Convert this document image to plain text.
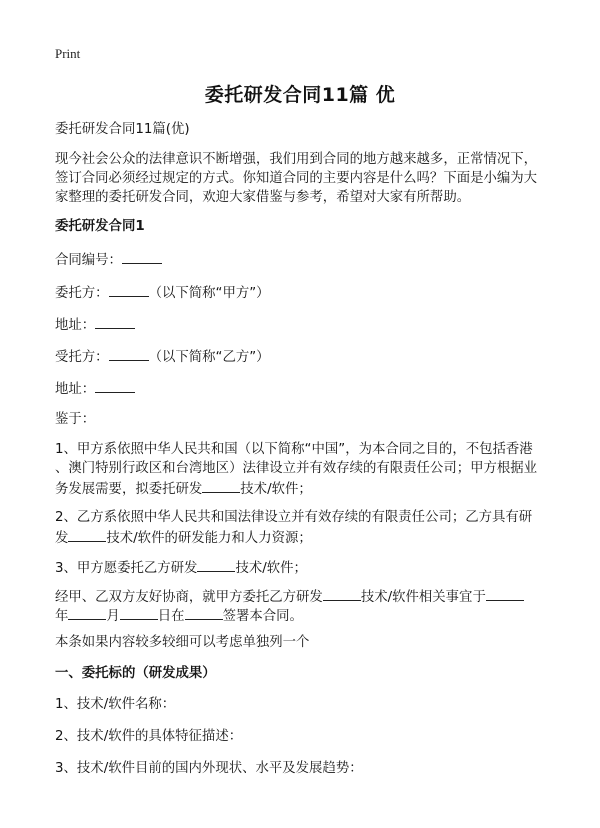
Print
委托研发合同11篇 优
委托研发合同11篇(优)
现今社会公众的法律意识不断增强，我们用到合同的地方越来越多，正常情况下，
签订合同必须经过规定的方式。你知道合同的主要内容是什么吗？下面是小编为大
家整理的委托研发合同，欢迎大家借鉴与参考，希望对大家有所帮助。
委托研发合同1
合同编号：
委托方：	（以下简称“甲方”）
地址：
受托方：	（以下简称“乙方”）
地址：
鉴于：
1、甲方系依照中华人民共和国（以下简称“中国”，为本合同之目的，不包括香港
、澳门特别行政区和台湾地区）法律设立并有效存续的有限责任公司；甲方根据业
务发展需要，拟委托研发	技术/软件；
2、乙方系依照中华人民共和国法律设立并有效存续的有限责任公司；乙方具有研
发	技术/软件的研发能力和人力资源；
3、甲方愿委托乙方研发	技术/软件；
经甲、乙双方友好协商，就甲方委托乙方研发	技术/软件相关事宜于
年	月	日在	签署本合同。
本条如果内容较多较细可以考虑单独列一个
一、委托标的（研发成果）
1、技术/软件名称：
2、技术/软件的具体特征描述：
3、技术/软件目前的国内外现状、水平及发展趋势：
